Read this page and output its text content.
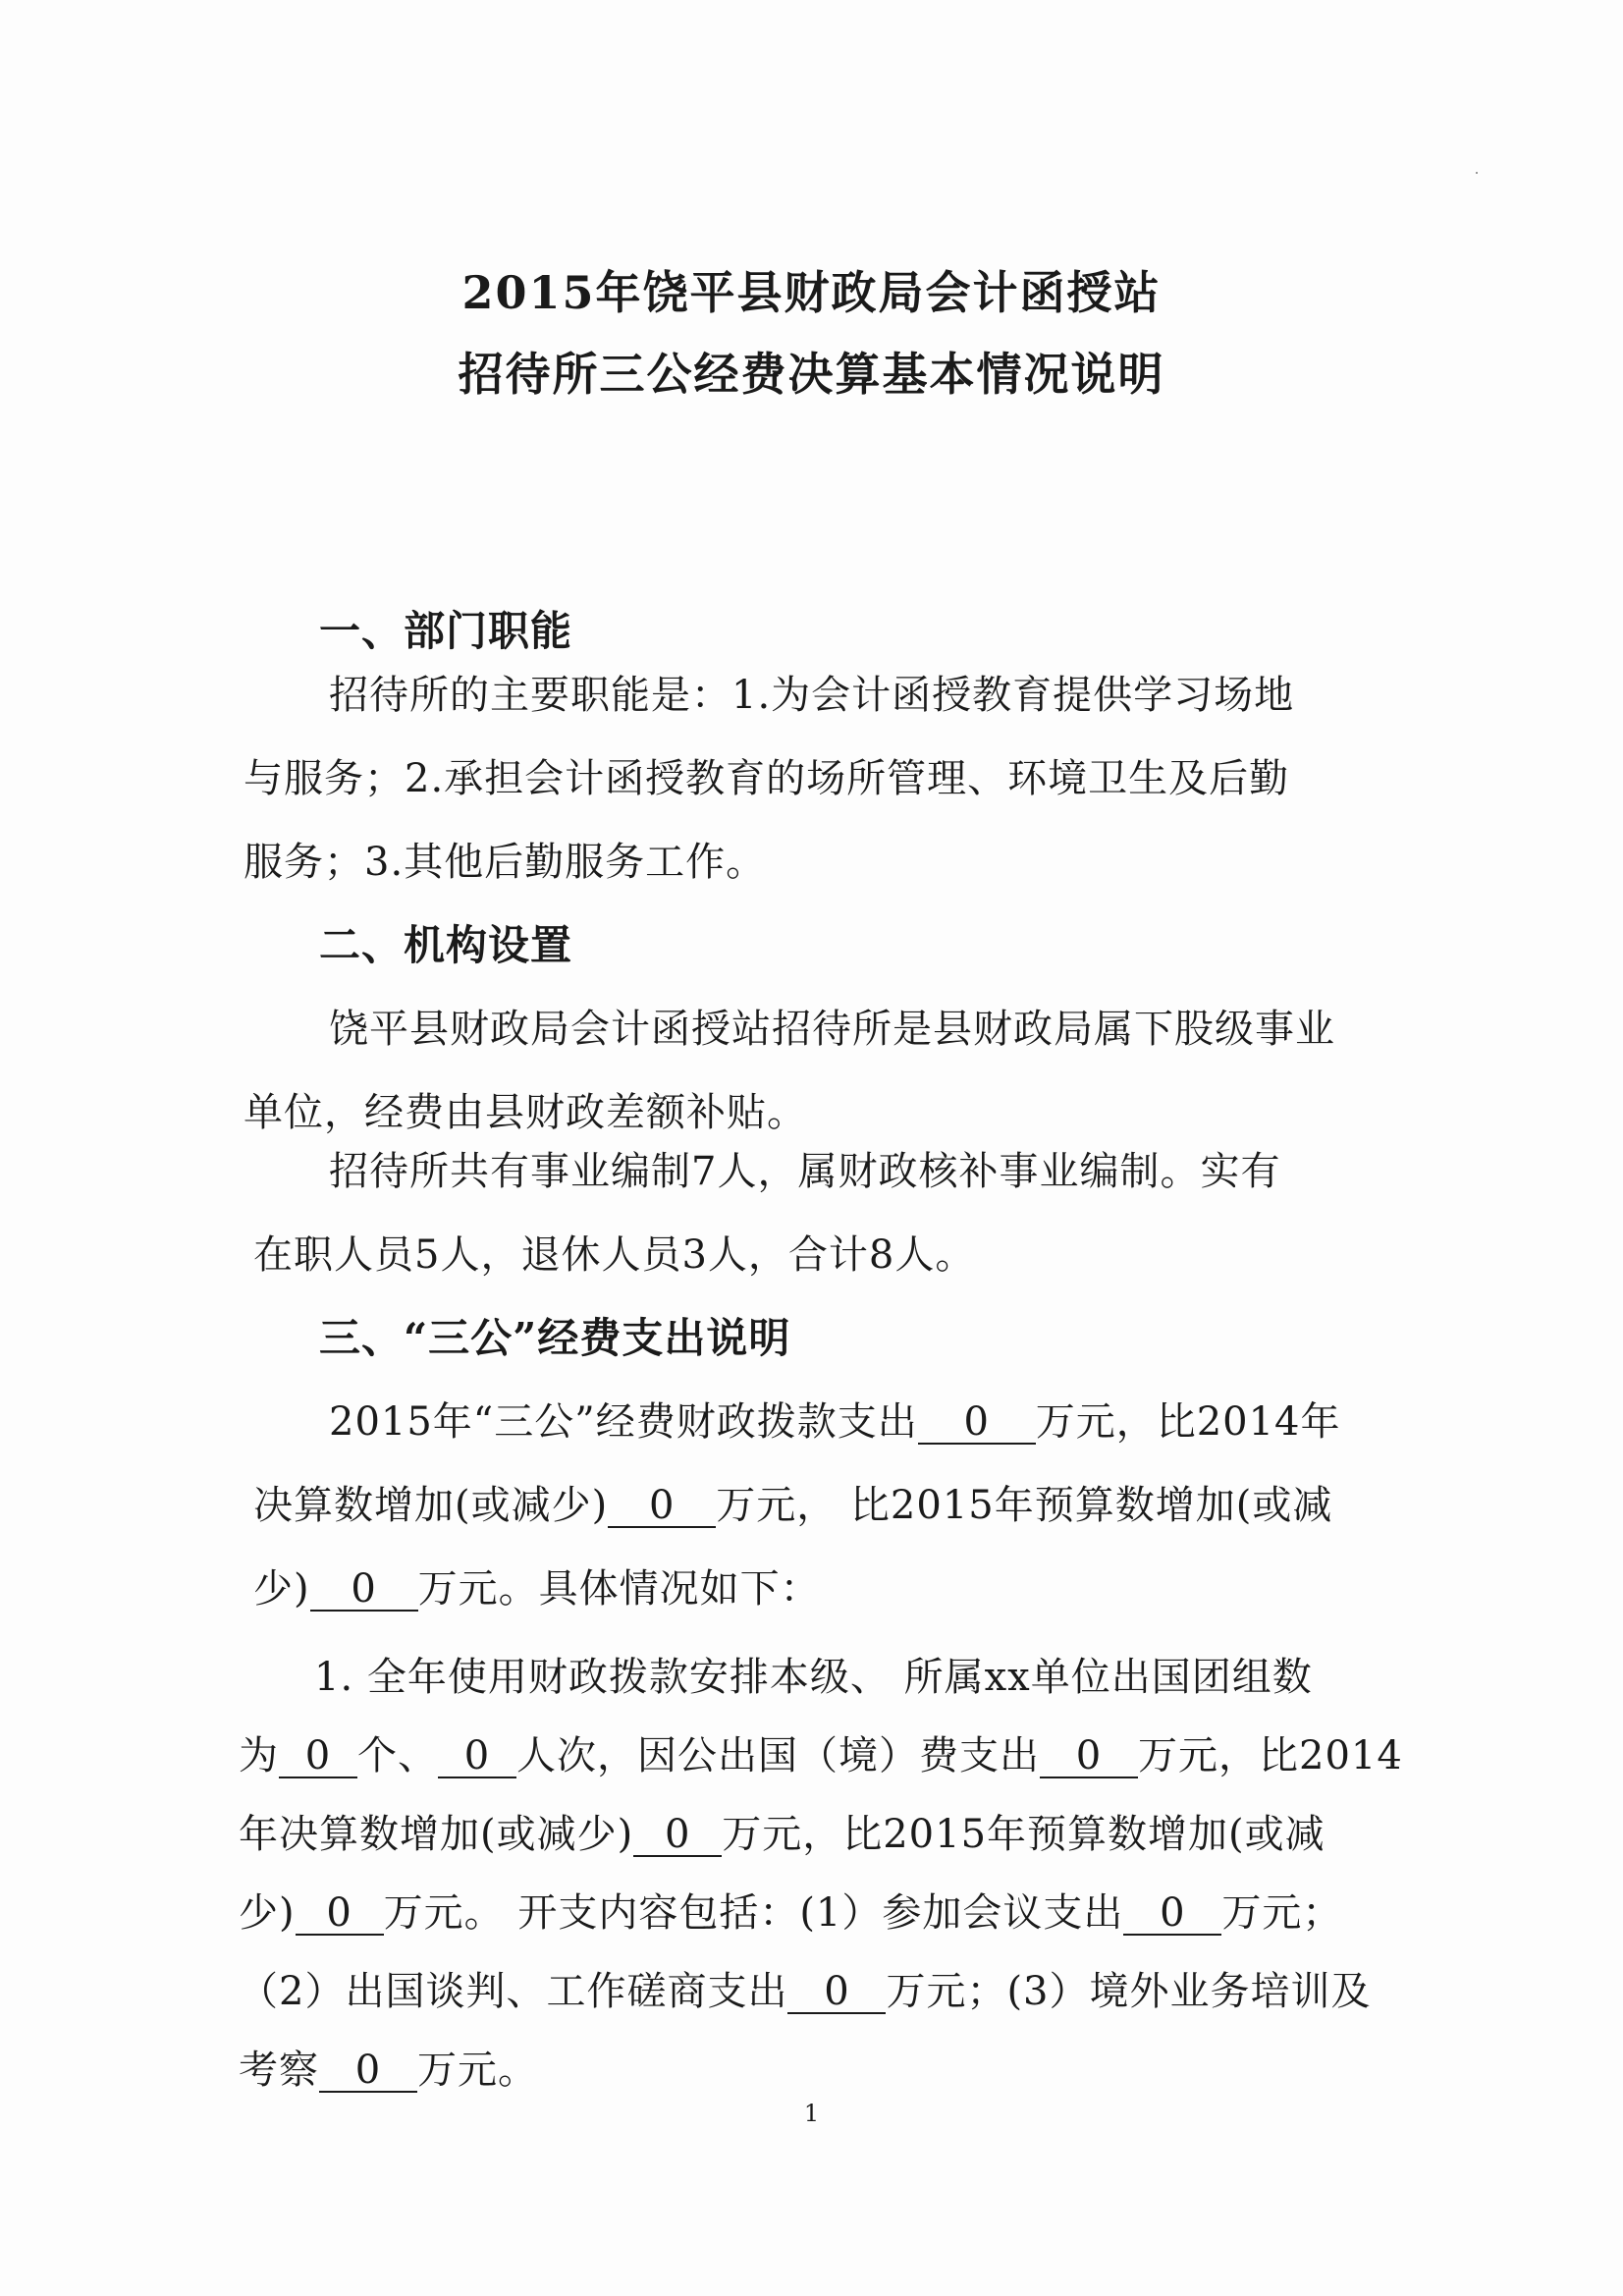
2015年饶平县财政局会计函授站
招待所三公经费决算基本情况说明
一、部门职能
招待所的主要职能是：1.为会计函授教育提供学习场地
与服务；2.承担会计函授教育的场所管理、环境卫生及后勤
服务；3.其他后勤服务工作。
二、机构设置
饶平县财政局会计函授站招待所是县财政局属下股级事业
单位，经费由县财政差额补贴。
招待所共有事业编制7人，属财政核补事业编制。实有
在职人员5人，退休人员3人，合计8人。
三、“三公”经费支出说明
2015年“三公”经费财政拨款支出 0 万元，比2014年
决算数增加(或减少) 0 万元， 比2015年预算数增加(或减
少) 0 万元。具体情况如下：
1. 全年使用财政拨款安排本级、 所属xx单位出国团组数
为 0 个、 0 人次，因公出国（境）费支出 0 万元，比2014
年决算数增加(或减少) 0 万元，比2015年预算数增加(或减
少) 0 万元。 开支内容包括：(1）参加会议支出 0 万元；
（2）出国谈判、工作磋商支出 0 万元；(3）境外业务培训及
考察 0 万元。
1
